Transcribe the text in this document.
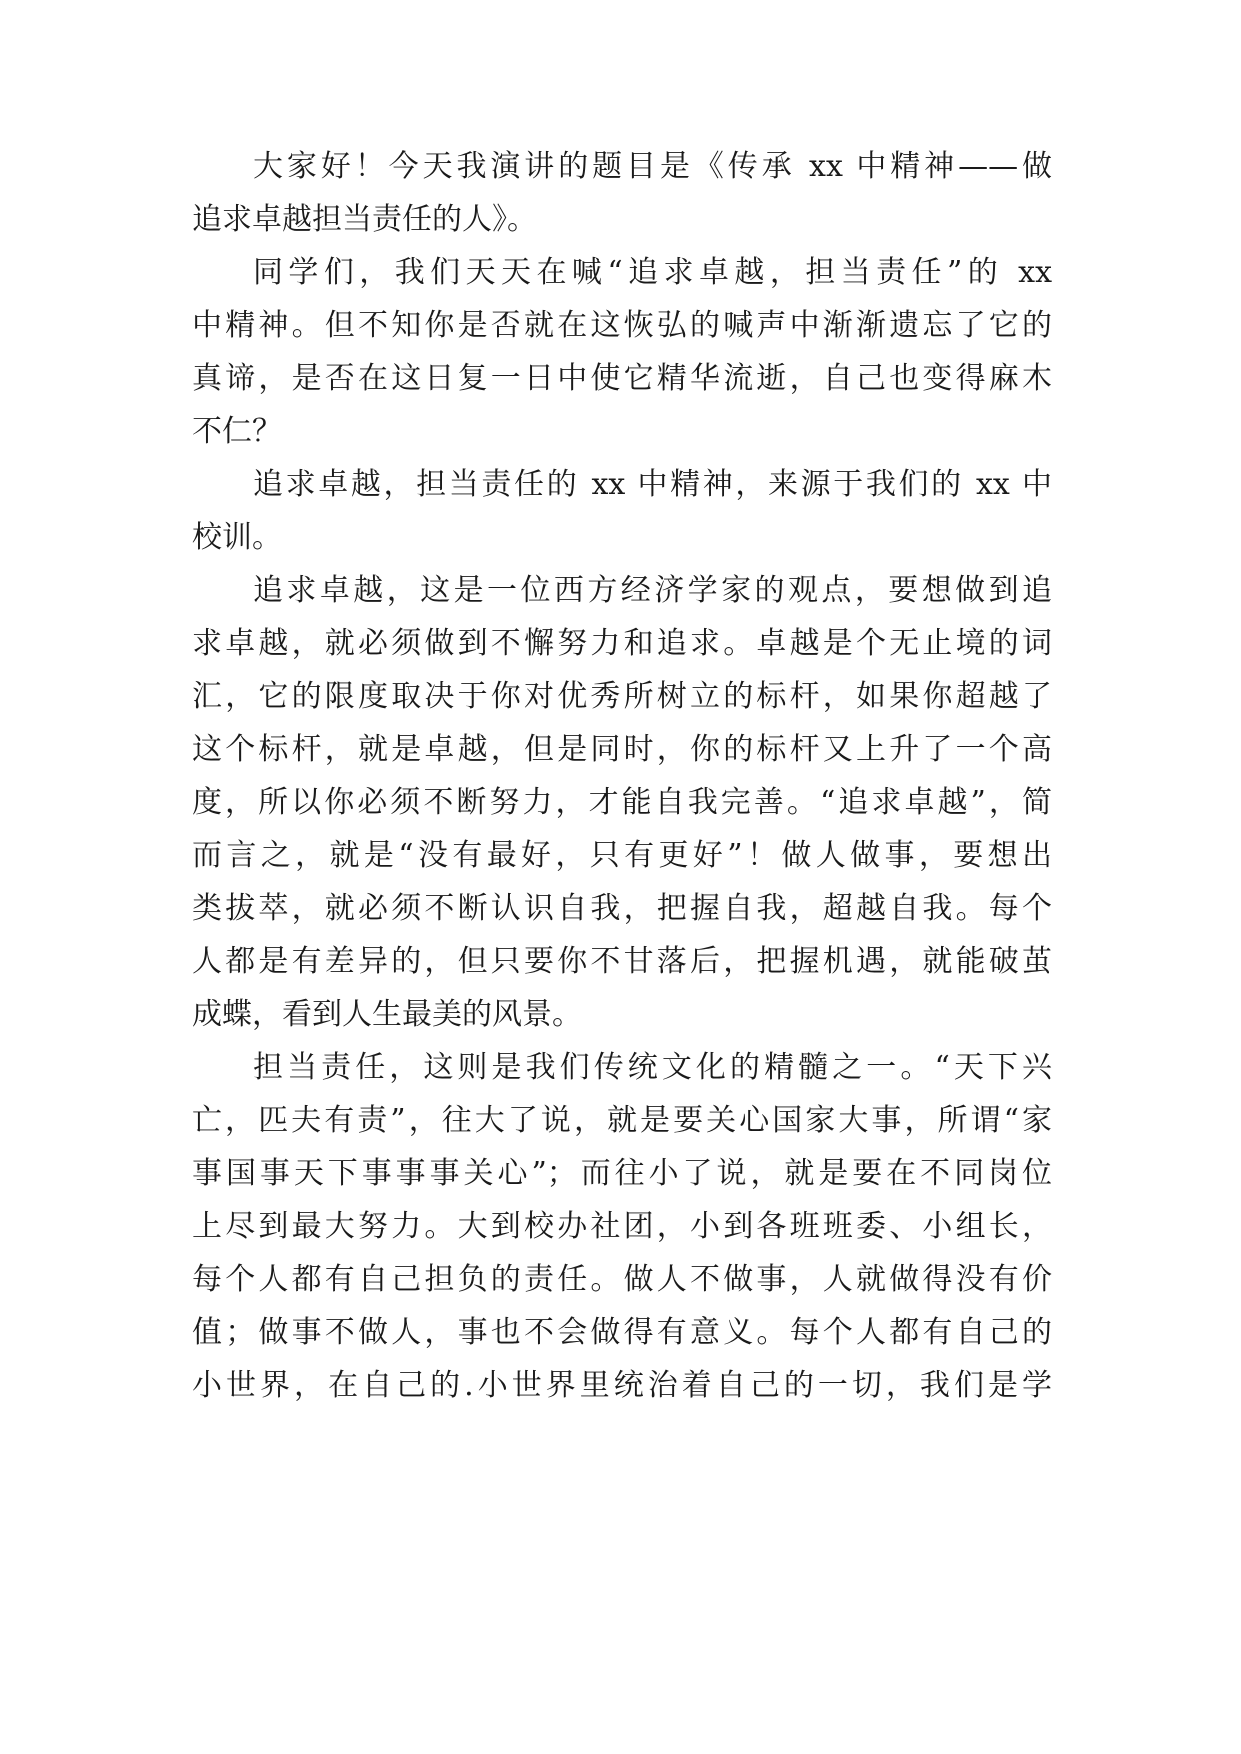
大家好！今天我演讲的题目是《传承 xx 中精神——做

追求卓越担当责任的人》。

同学们，我们天天在喊“追求卓越，担当责任”的 xx

中精神。但不知你是否就在这恢弘的喊声中渐渐遗忘了它的

真谛，是否在这日复一日中使它精华流逝，自己也变得麻木

不仁？

追求卓越，担当责任的 xx 中精神，来源于我们的 xx 中

校训。

追求卓越，这是一位西方经济学家的观点，要想做到追

求卓越，就必须做到不懈努力和追求。卓越是个无止境的词

汇，它的限度取决于你对优秀所树立的标杆，如果你超越了

这个标杆，就是卓越，但是同时，你的标杆又上升了一个高

度，所以你必须不断努力，才能自我完善。“追求卓越”，简

而言之，就是“没有最好，只有更好”！做人做事，要想出

类拔萃，就必须不断认识自我，把握自我，超越自我。每个

人都是有差异的，但只要你不甘落后，把握机遇，就能破茧

成蝶，看到人生最美的风景。

担当责任，这则是我们传统文化的精髓之一。“天下兴

亡，匹夫有责”，往大了说，就是要关心国家大事，所谓“家

事国事天下事事事关心”；而往小了说，就是要在不同岗位

上尽到最大努力。大到校办社团，小到各班班委、小组长，

每个人都有自己担负的责任。做人不做事，人就做得没有价

值；做事不做人，事也不会做得有意义。每个人都有自己的

小世界，在自己的.小世界里统治着自己的一切，我们是学
